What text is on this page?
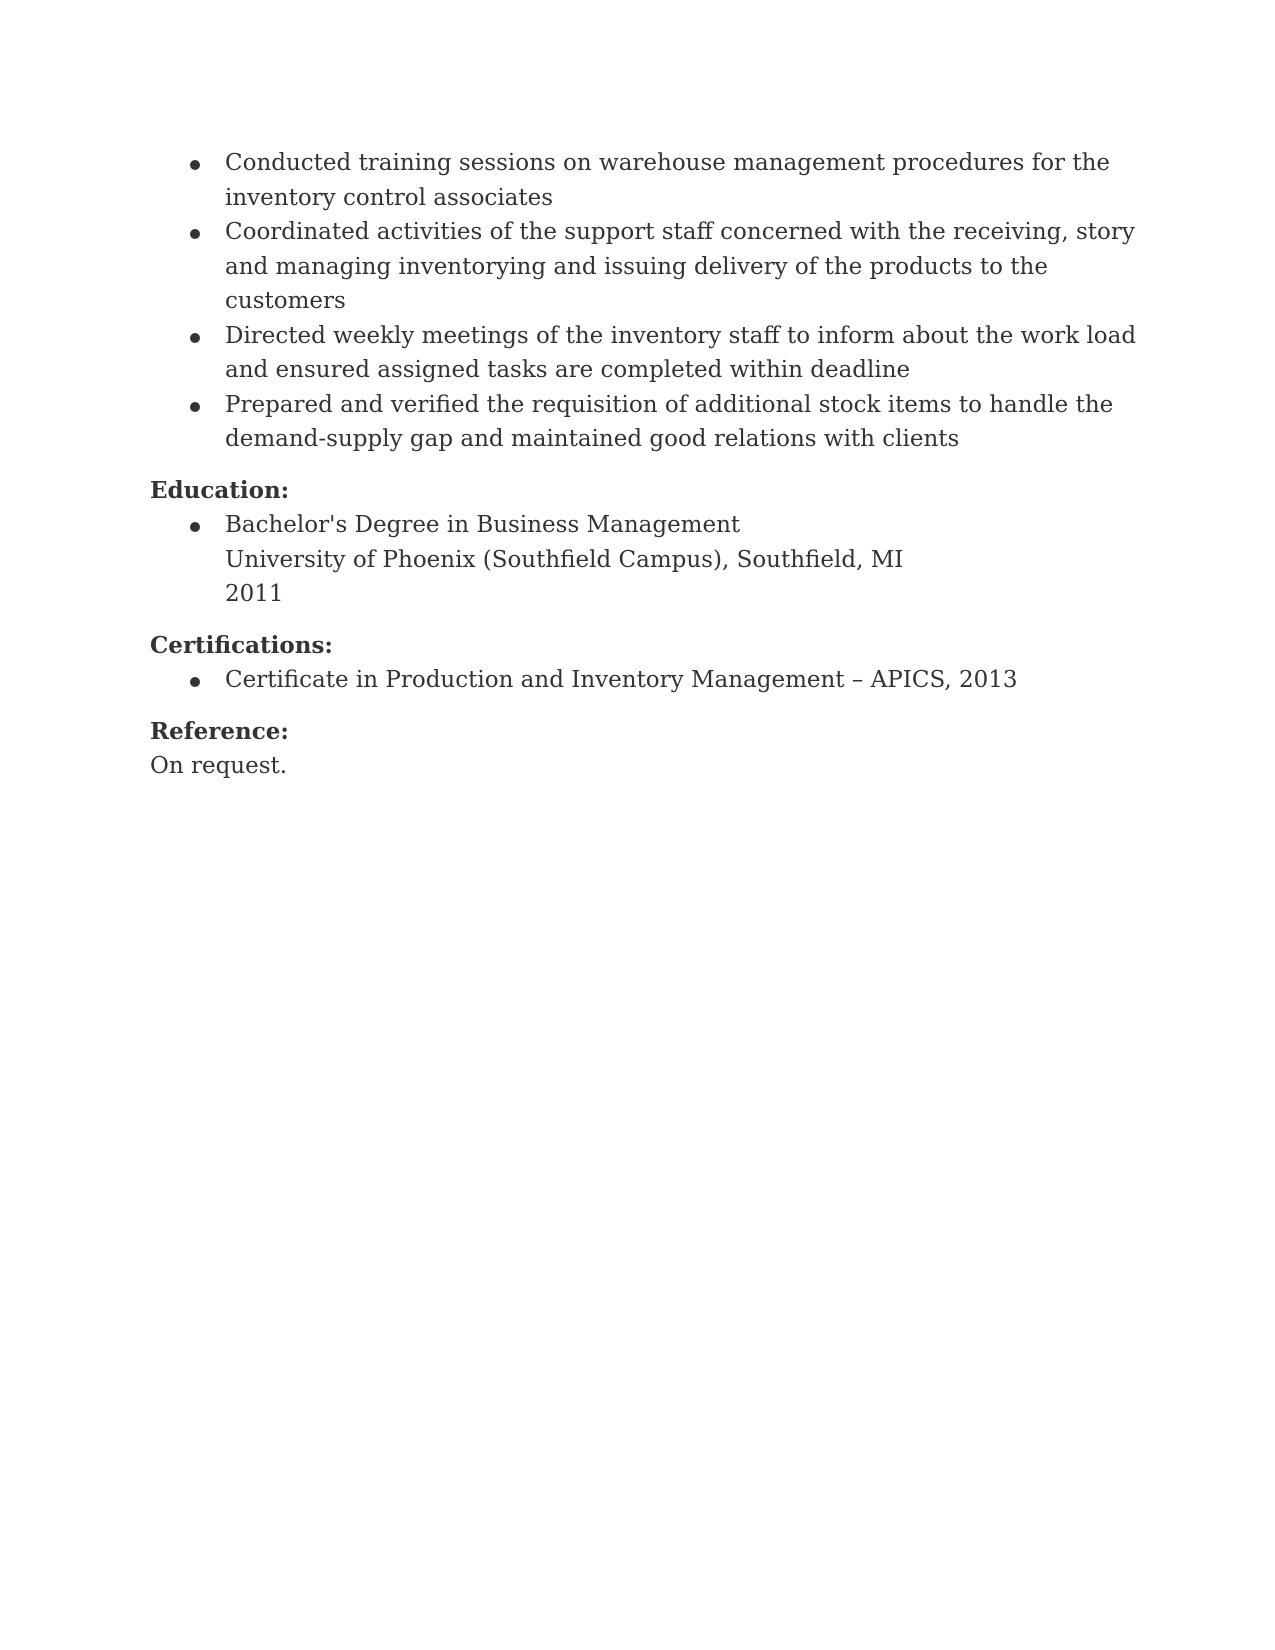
Conducted training sessions on warehouse management procedures for the inventory control associates
Coordinated activities of the support staff concerned with the receiving, story and managing inventorying and issuing delivery of the products to the customers
Directed weekly meetings of the inventory staff to inform about the work load and ensured assigned tasks are completed within deadline
Prepared and verified the requisition of additional stock items to handle the demand-supply gap and maintained good relations with clients
Education:
Bachelor's Degree in Business Management
University of Phoenix (Southfield Campus), Southfield, MI
2011
Certifications:
Certificate in Production and Inventory Management – APICS, 2013
Reference:
On request.
